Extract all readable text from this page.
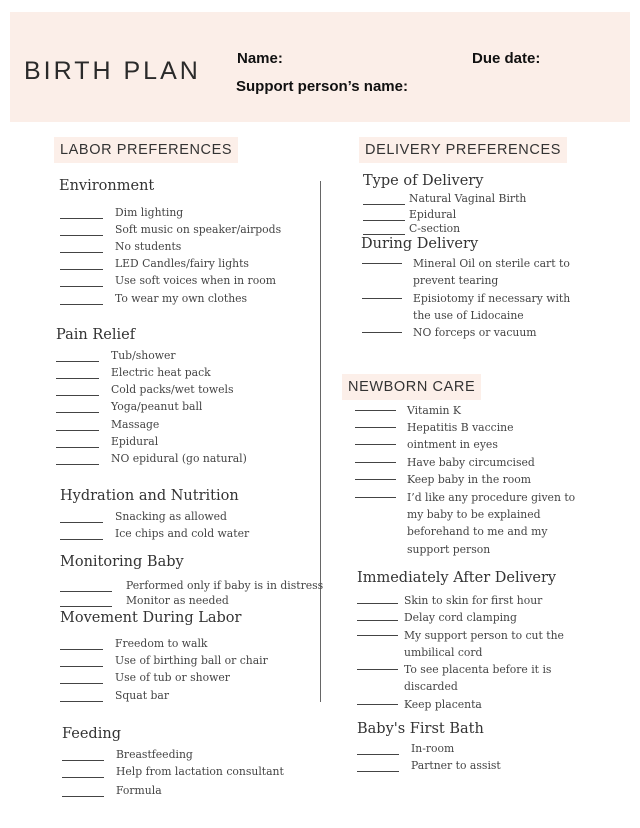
BIRTH PLAN Name:	Due date:
Support person’s name:
LABOR PREFERENCES	DELIVERY PREFERENCES
NEWBORN CARE
Environment
Pain Relief
Hydration and Nutrition
Monitoring Baby
Movement During Labor
Feeding
Type of Delivery
During Delivery
Immediately After Delivery
Baby's First Bath
Dim lighting
Soft music on speaker/airpods
No students
LED Candles/fairy lights
Use soft voices when in room
To wear my own clothes
Tub/shower
Electric heat pack
Cold packs/wet towels
Yoga/peanut ball
Massage
Epidural
NO epidural (go natural)
Snacking as allowed
Ice chips and cold water
Performed only if baby is in distress
Monitor as needed
Freedom to walk
Use of birthing ball or chair
Use of tub or shower
Squat bar
Breastfeeding
Help from lactation consultant
Formula
Natural Vaginal Birth
Epidural
C-section
Mineral Oil on sterile cart to
prevent tearing
Episiotomy if necessary with
the use of Lidocaine
NO forceps or vacuum
Vitamin K
Hepatitis B vaccine
ointment in eyes
Have baby circumcised
Keep baby in the room
I’d like any procedure given to
my baby to be explained
beforehand to me and my
support person
Skin to skin for first hour
Delay cord clamping
My support person to cut the
umbilical cord
To see placenta before it is
discarded
Keep placenta
In-room
Partner to assist
